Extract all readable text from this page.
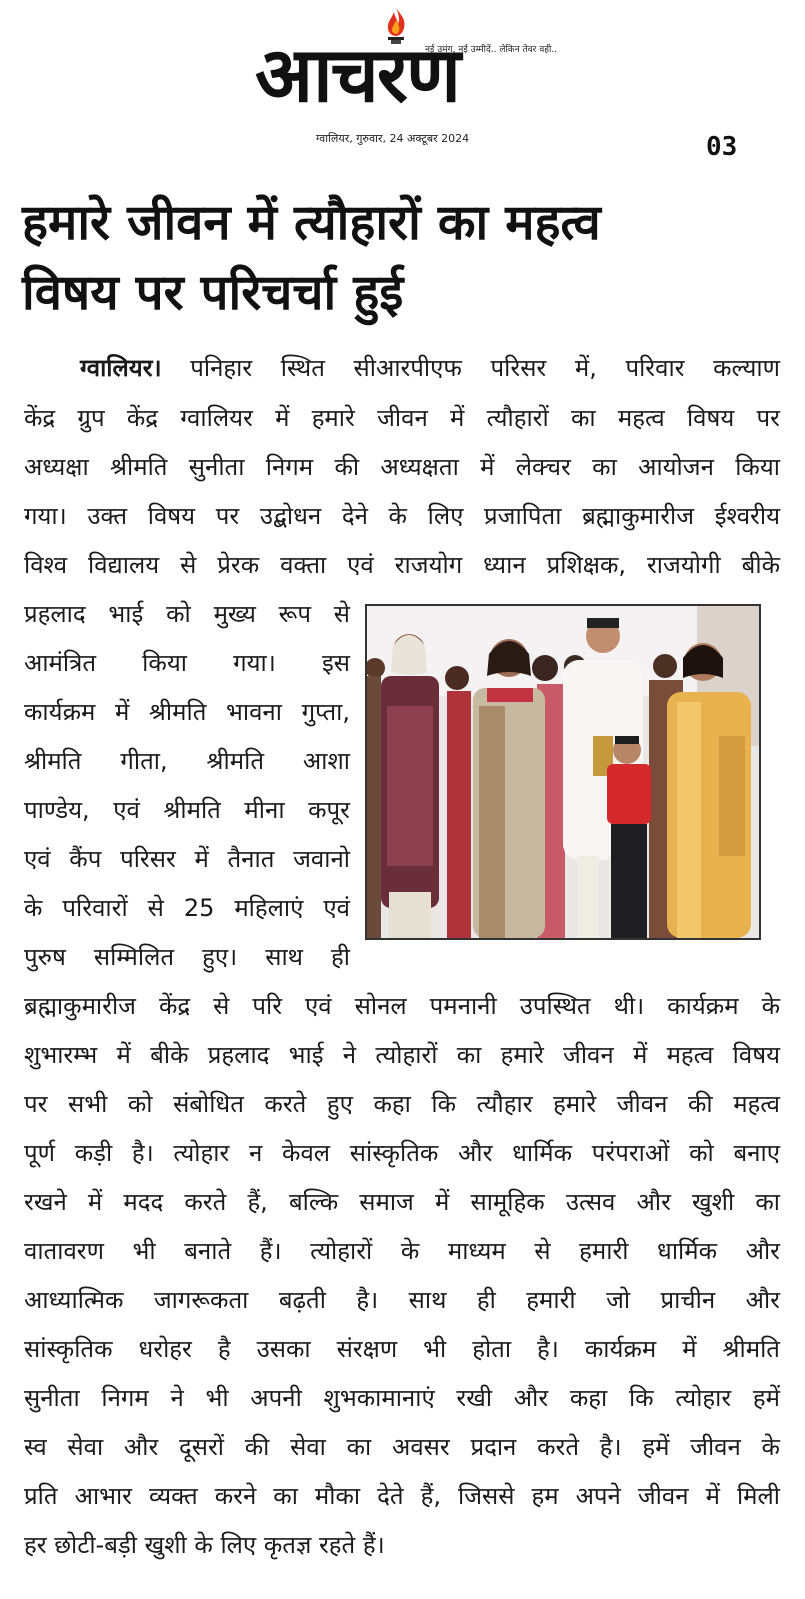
आचरण
नई उमंग, नई उम्मीदें.. लेकिन तेवर वही..
ग्वालियर, गुरुवार, 24 अक्टूबर 2024	03
हमारे जीवन में त्यौहारों का महत्व
विषय पर परिचर्चा हुई
ग्वालियर। पनिहार स्थित सीआरपीएफ परिसर में, परिवार कल्याण
केंद्र ग्रुप केंद्र ग्वालियर में हमारे जीवन में त्यौहारों का महत्व विषय पर
अध्यक्षा श्रीमति सुनीता निगम की अध्यक्षता में लेक्चर का आयोजन किया
गया। उक्त विषय पर उद्बोधन देने के लिए प्रजापिता ब्रह्माकुमारीज ईश्वरीय
विश्व विद्यालय से प्रेरक वक्ता एवं राजयोग ध्यान प्रशिक्षक, राजयोगी बीके
प्रहलाद भाई को मुख्य रूप से
आमंत्रित किया गया। इस
कार्यक्रम में श्रीमति भावना गुप्ता,
श्रीमति गीता, श्रीमति आशा
पाण्डेय, एवं श्रीमति मीना कपूर
एवं कैंप परिसर में तैनात जवानो
के परिवारों से 25 महिलाएं एवं
पुरुष सम्मिलित हुए। साथ ही
ब्रह्माकुमारीज केंद्र से परि एवं सोनल पमनानी उपस्थित थी। कार्यक्रम के
शुभारम्भ में बीके प्रहलाद भाई ने त्योहारों का हमारे जीवन में महत्व विषय
पर सभी को संबोधित करते हुए कहा कि त्यौहार हमारे जीवन की महत्व
पूर्ण कड़ी है। त्योहार न केवल सांस्कृतिक और धार्मिक परंपराओं को बनाए
रखने में मदद करते हैं, बल्कि समाज में सामूहिक उत्सव और खुशी का
वातावरण भी बनाते हैं। त्योहारों के माध्यम से हमारी धार्मिक और
आध्यात्मिक जागरूकता बढ़ती है। साथ ही हमारी जो प्राचीन और
सांस्कृतिक धरोहर है उसका संरक्षण भी होता है। कार्यक्रम में श्रीमति
सुनीता निगम ने भी अपनी शुभकामानाएं रखी और कहा कि त्योहार हमें
स्व सेवा और दूसरों की सेवा का अवसर प्रदान करते है। हमें जीवन के
प्रति आभार व्यक्त करने का मौका देते हैं, जिससे हम अपने जीवन में मिली
हर छोटी-बड़ी खुशी के लिए कृतज्ञ रहते हैं।
